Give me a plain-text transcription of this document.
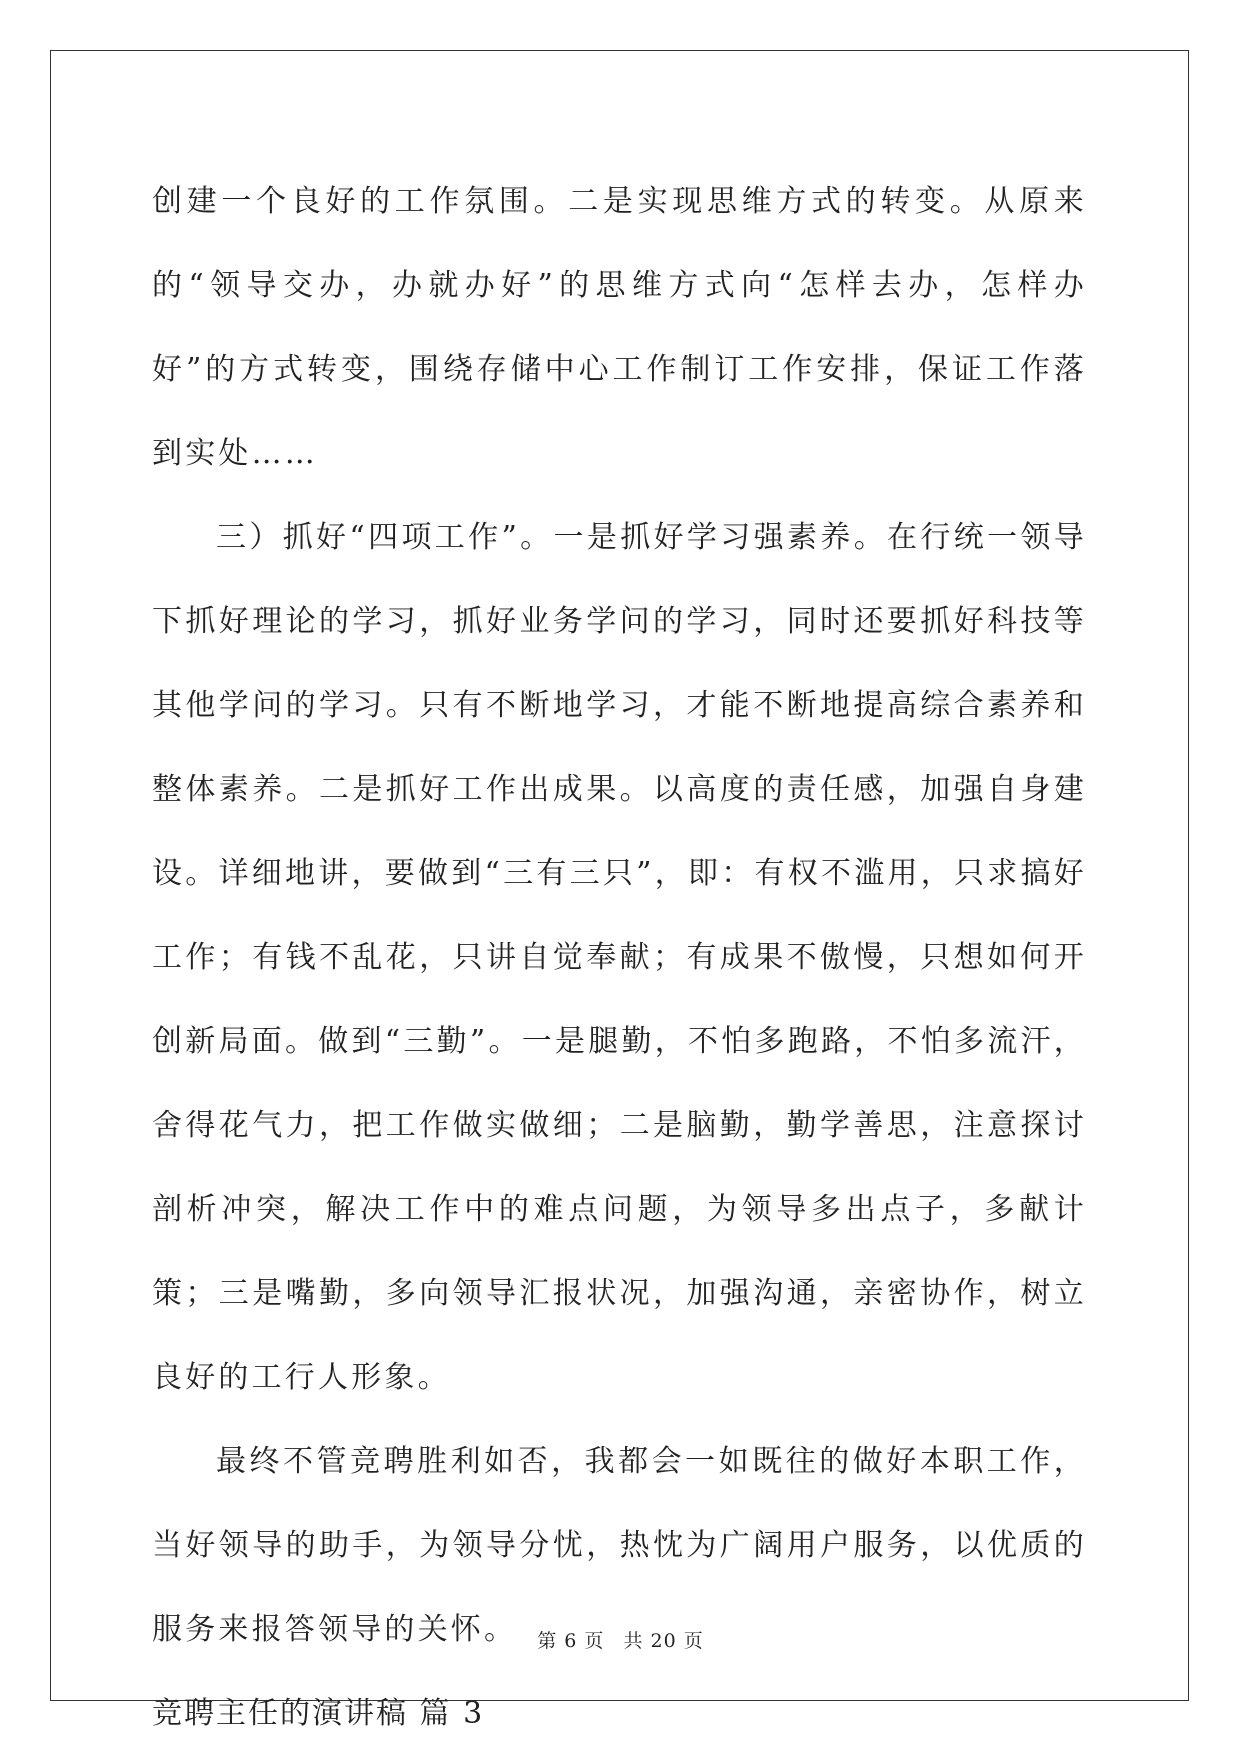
创建一个良好的工作氛围。二是实现思维方式的转变。从原来的“领导交办，办就办好”的思维方式向“怎样去办，怎样办好”的方式转变，围绕存储中心工作制订工作安排，保证工作落到实处……

三）抓好“四项工作”。一是抓好学习强素养。在行统一领导下抓好理论的学习，抓好业务学问的学习，同时还要抓好科技等其他学问的学习。只有不断地学习，才能不断地提高综合素养和整体素养。二是抓好工作出成果。以高度的责任感，加强自身建设。详细地讲，要做到“三有三只”，即：有权不滥用，只求搞好工作；有钱不乱花，只讲自觉奉献；有成果不傲慢，只想如何开创新局面。做到“三勤”。一是腿勤，不怕多跑路，不怕多流汗，舍得花气力，把工作做实做细；二是脑勤，勤学善思，注意探讨剖析冲突，解决工作中的难点问题，为领导多出点子，多献计策；三是嘴勤，多向领导汇报状况，加强沟通，亲密协作，树立良好的工行人形象。

最终不管竞聘胜利如否，我都会一如既往的做好本职工作，当好领导的助手，为领导分忧，热忱为广阔用户服务，以优质的服务来报答领导的关怀。

竞聘主任的演讲稿 篇 3

第 6 页 共 20 页
